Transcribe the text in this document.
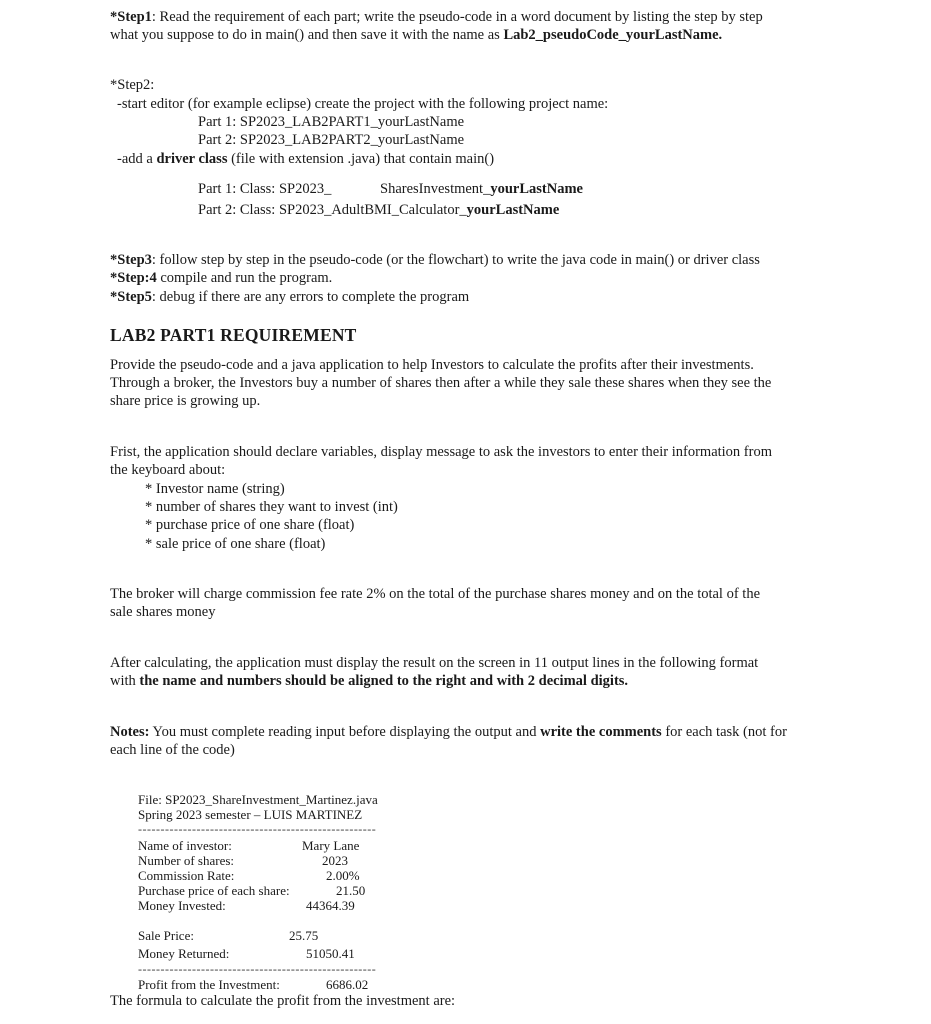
*Step1: Read the requirement of each part; write the pseudo-code in a word document by listing the step by step
what you suppose to do in main() and then save it with the name as Lab2_pseudoCode_yourLastName.
*Step2:
-start editor (for example eclipse) create the project with the following project name:
Part 1: SP2023_LAB2PART1_yourLastName
Part 2: SP2023_LAB2PART2_yourLastName
-add a driver class (file with extension .java) that contain main()
Part 1: Class: SP2023_	SharesInvestment_yourLastName
Part 2: Class: SP2023_AdultBMI_Calculator_yourLastName
*Step3: follow step by step in the pseudo-code (or the flowchart) to write the java code in main() or driver class
*Step:4 compile and run the program.
*Step5: debug if there are any errors to complete the program
LAB2 PART1 REQUIREMENT
Provide the pseudo-code and a java application to help Investors to calculate the profits after their investments.
Through a broker, the Investors buy a number of shares then after a while they sale these shares when they see the
share price is growing up.
Frist, the application should declare variables, display message to ask the investors to enter their information from
the keyboard about:
* Investor name (string)
* number of shares they want to invest (int)
* purchase price of one share (float)
* sale price of one share (float)
The broker will charge commission fee rate 2% on the total of the purchase shares money and on the total of the
sale shares money
After calculating, the application must display the result on the screen in 11 output lines in the following format
with the name and numbers should be aligned to the right and with 2 decimal digits.
Notes: You must complete reading input before displaying the output and write the comments for each task (not for
each line of the code)
File: SP2023_ShareInvestment_Martinez.java
Spring 2023 semester – LUIS MARTINEZ
-----------------------------------------------------
Name of investor:	Mary Lane
Number of shares:	2023
Commission Rate:	2.00%
Purchase price of each share:	21.50
Money Invested:	44364.39
Sale Price:	25.75
Money Returned:	51050.41
-----------------------------------------------------
Profit from the Investment:	6686.02
The formula to calculate the profit from the investment are:
